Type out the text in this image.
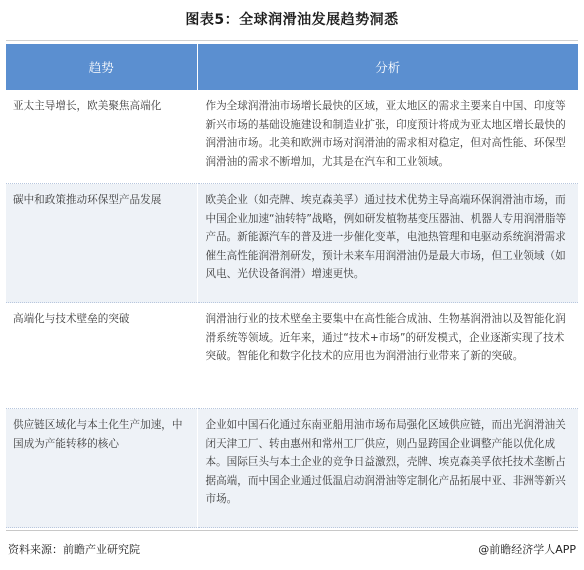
图表5：全球润滑油发展趋势洞悉
趋势	分析
亚太主导增长，欧美聚焦高端化	作为全球润滑油市场增长最快的区域，亚太地区的需求主要来自中国、印度等新兴市场的基础设施建设和制造业扩张，印度预计将成为亚太地区增长最快的润滑油市场。北美和欧洲市场对润滑油的需求相对稳定，但对高性能、环保型润滑油的需求不断增加，尤其是在汽车和工业领域。
碳中和政策推动环保型产品发展	欧美企业（如壳牌、埃克森美孚）通过技术优势主导高端环保润滑油市场，而中国企业加速“油转特”战略，例如研发植物基变压器油、机器人专用润滑脂等产品。新能源汽车的普及进一步催化变革，电池热管理和电驱动系统润滑需求催生高性能润滑剂研发，预计未来车用润滑油仍是最大市场，但工业领域（如风电、光伏设备润滑）增速更快。
高端化与技术壁垒的突破	润滑油行业的技术壁垒主要集中在高性能合成油、生物基润滑油以及智能化润滑系统等领域。近年来，通过“技术+市场”的研发模式，企业逐渐实现了技术突破。智能化和数字化技术的应用也为润滑油行业带来了新的突破。
供应链区域化与本土化生产加速，中国成为产能转移的核心	企业如中国石化通过东南亚船用油市场布局强化区域供应链，而出光润滑油关闭天津工厂、转由惠州和常州工厂供应，则凸显跨国企业调整产能以优化成本。国际巨头与本土企业的竞争日益激烈，壳牌、埃克森美孚依托技术垄断占据高端，而中国企业通过低温启动润滑油等定制化产品拓展中亚、非洲等新兴市场。
资料来源：前瞻产业研究院	@前瞻经济学人APP
